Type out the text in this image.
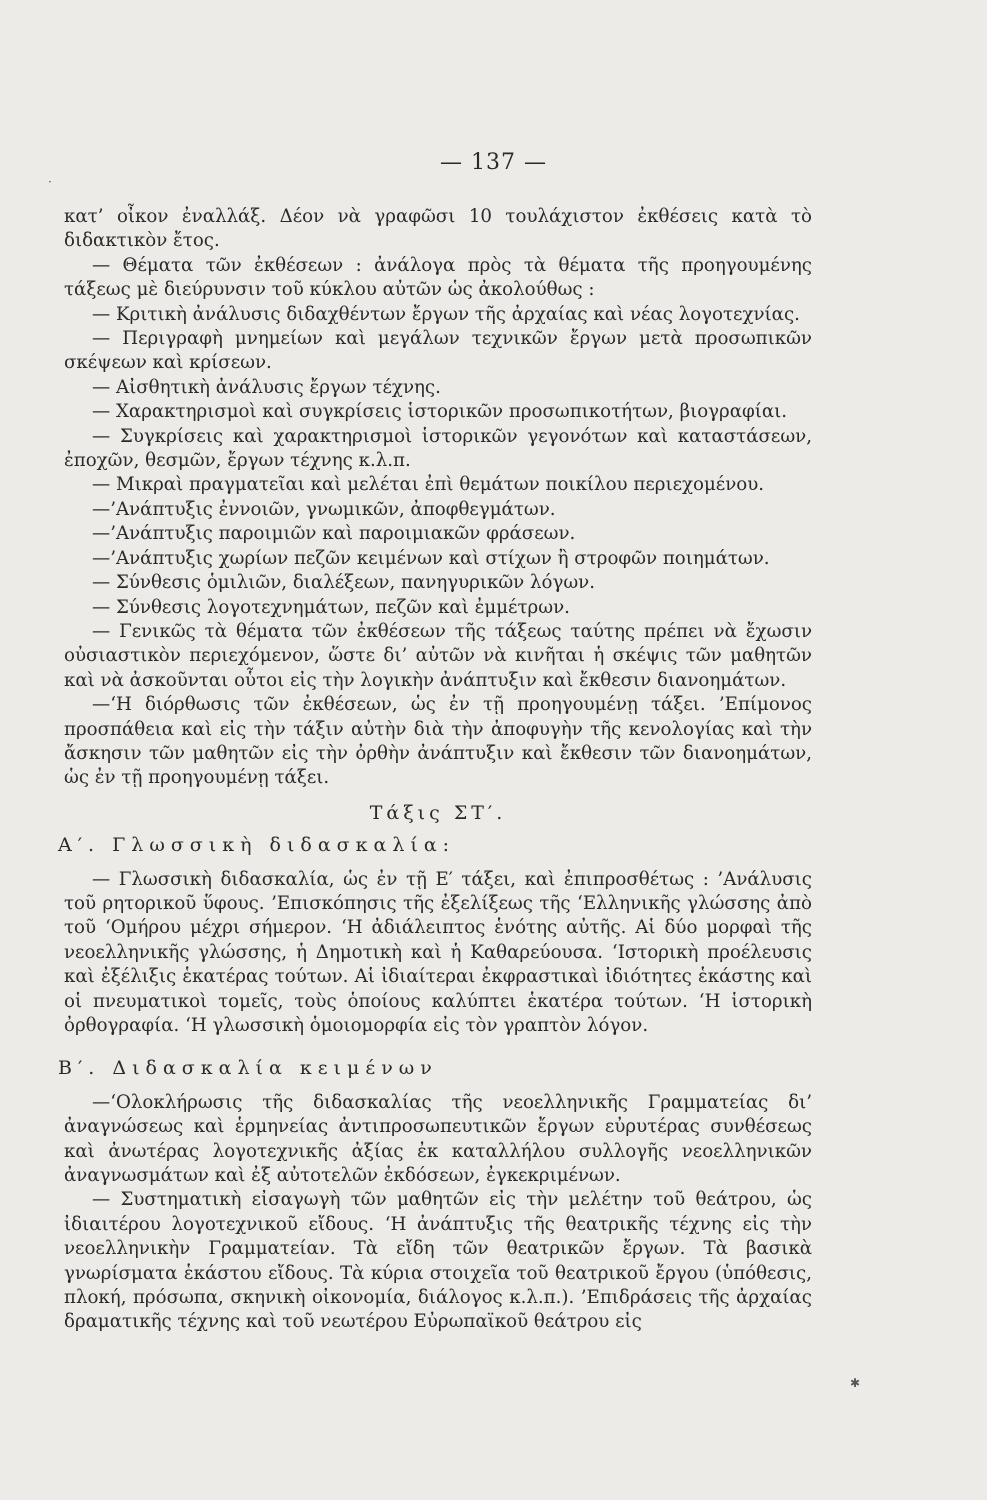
— 137 —

κατ’ οἶκον ἐναλλάξ. Δέον νὰ γραφῶσι 10 τουλάχιστον ἐκθέσεις κατὰ τὸ διδακτικὸν ἔτος.

— Θέματα τῶν ἐκθέσεων : ἀνάλογα πρὸς τὰ θέματα τῆς προηγουμένης τάξεως μὲ διεύρυνσιν τοῦ κύκλου αὐτῶν ὡς ἀκολούθως :

— Κριτικὴ ἀνάλυσις διδαχθέντων ἔργων τῆς ἀρχαίας καὶ νέας λογοτεχνίας.

— Περιγραφὴ μνημείων καὶ μεγάλων τεχνικῶν ἔργων μετὰ προσωπικῶν σκέψεων καὶ κρίσεων.

— Αἰσθητικὴ ἀνάλυσις ἔργων τέχνης.

— Χαρακτηρισμοὶ καὶ συγκρίσεις ἱστορικῶν προσωπικοτήτων, βιογραφίαι.

— Συγκρίσεις καὶ χαρακτηρισμοὶ ἱστορικῶν γεγονότων καὶ καταστάσεων, ἐποχῶν, θεσμῶν, ἔργων τέχνης κ.λ.π.

— Μικραὶ πραγματεῖαι καὶ μελέται ἐπὶ θεμάτων ποικίλου περιεχομένου.

—’Ανάπτυξις ἐννοιῶν, γνωμικῶν, ἀποφθεγμάτων.

—’Ανάπτυξις παροιμιῶν καὶ παροιμιακῶν φράσεων.

—’Ανάπτυξις χωρίων πεζῶν κειμένων καὶ στίχων ἢ στροφῶν ποιημάτων.

— Σύνθεσις ὁμιλιῶν, διαλέξεων, πανηγυρικῶν λόγων.

— Σύνθεσις λογοτεχνημάτων, πεζῶν καὶ ἐμμέτρων.

— Γενικῶς τὰ θέματα τῶν ἐκθέσεων τῆς τάξεως ταύτης πρέπει νὰ ἔχωσιν οὐσιαστικὸν περιεχόμενον, ὥστε δι’ αὐτῶν νὰ κινῆται ἡ σκέψις τῶν μαθητῶν καὶ νὰ ἀσκοῦνται οὗτοι εἰς τὴν λογικὴν ἀνάπτυξιν καὶ ἔκθεσιν διανοημάτων.

—‘Η διόρθωσις τῶν ἐκθέσεων, ὡς ἐν τῇ προηγουμένῃ τάξει. ’Επίμονος προσπάθεια καὶ εἰς τὴν τάξιν αὐτὴν διὰ τὴν ἀποφυγὴν τῆς κενολογίας καὶ τὴν ἄσκησιν τῶν μαθητῶν εἰς τὴν ὀρθὴν ἀνάπτυξιν καὶ ἔκθεσιν τῶν διανοημάτων, ὡς ἐν τῇ προηγουμένῃ τάξει.

Τάξις ΣΤ′.

Α′. Γλωσσικὴ διδασκαλία:

— Γλωσσικὴ διδασκαλία, ὡς ἐν τῇ Ε′ τάξει, καὶ ἐπιπροσθέτως : ’Ανάλυσις τοῦ ρητορικοῦ ὕφους. ’Επισκόπησις τῆς ἐξελίξεως τῆς ‘Ελληνικῆς γλώσσης ἀπὸ τοῦ ‘Ομήρου μέχρι σήμερον. ‘Η ἀδιάλειπτος ἑνότης αὐτῆς. Αἱ δύο μορφαὶ τῆς νεοελληνικῆς γλώσσης, ἡ Δημοτικὴ καὶ ἡ Καθαρεύουσα. ‘Ιστορικὴ προέλευσις καὶ ἐξέλιξις ἑκατέρας τούτων. Αἱ ἰδιαίτεραι ἐκφραστικαὶ ἰδιότητες ἑκάστης καὶ οἱ πνευματικοὶ τομεῖς, τοὺς ὁποίους καλύπτει ἑκατέρα τούτων. ‘Η ἱστορικὴ ὀρθογραφία. ‘Η γλωσσικὴ ὁμοιομορφία εἰς τὸν γραπτὸν λόγον.

Β′. Διδασκαλία κειμένων

—‘Ολοκλήρωσις τῆς διδασκαλίας τῆς νεοελληνικῆς Γραμματείας δι’ ἀναγνώσεως καὶ ἑρμηνείας ἀντιπροσωπευτικῶν ἔργων εὐρυτέρας συνθέσεως καὶ ἀνωτέρας λογοτεχνικῆς ἀξίας ἐκ καταλλήλου συλλογῆς νεοελληνικῶν ἀναγνωσμάτων καὶ ἐξ αὐτοτελῶν ἐκδόσεων, ἐγκεκριμένων.

— Συστηματικὴ εἰσαγωγὴ τῶν μαθητῶν εἰς τὴν μελέτην τοῦ θεάτρου, ὡς ἰδιαιτέρου λογοτεχνικοῦ εἴδους. ‘Η ἀνάπτυξις τῆς θεατρικῆς τέχνης εἰς τὴν νεοελληνικὴν Γραμματείαν. Τὰ εἴδη τῶν θεατρικῶν ἔργων. Τὰ βασικὰ γνωρίσματα ἑκάστου εἴδους. Τὰ κύρια στοιχεῖα τοῦ θεατρικοῦ ἔργου (ὑπόθεσις, πλοκή, πρόσωπα, σκηνικὴ οἰκονομία, διάλογος κ.λ.π.). ’Επιδράσεις τῆς ἀρχαίας δραματικῆς τέχνης καὶ τοῦ νεωτέρου Εὐρωπαϊκοῦ θεάτρου εἰς

·
✱
